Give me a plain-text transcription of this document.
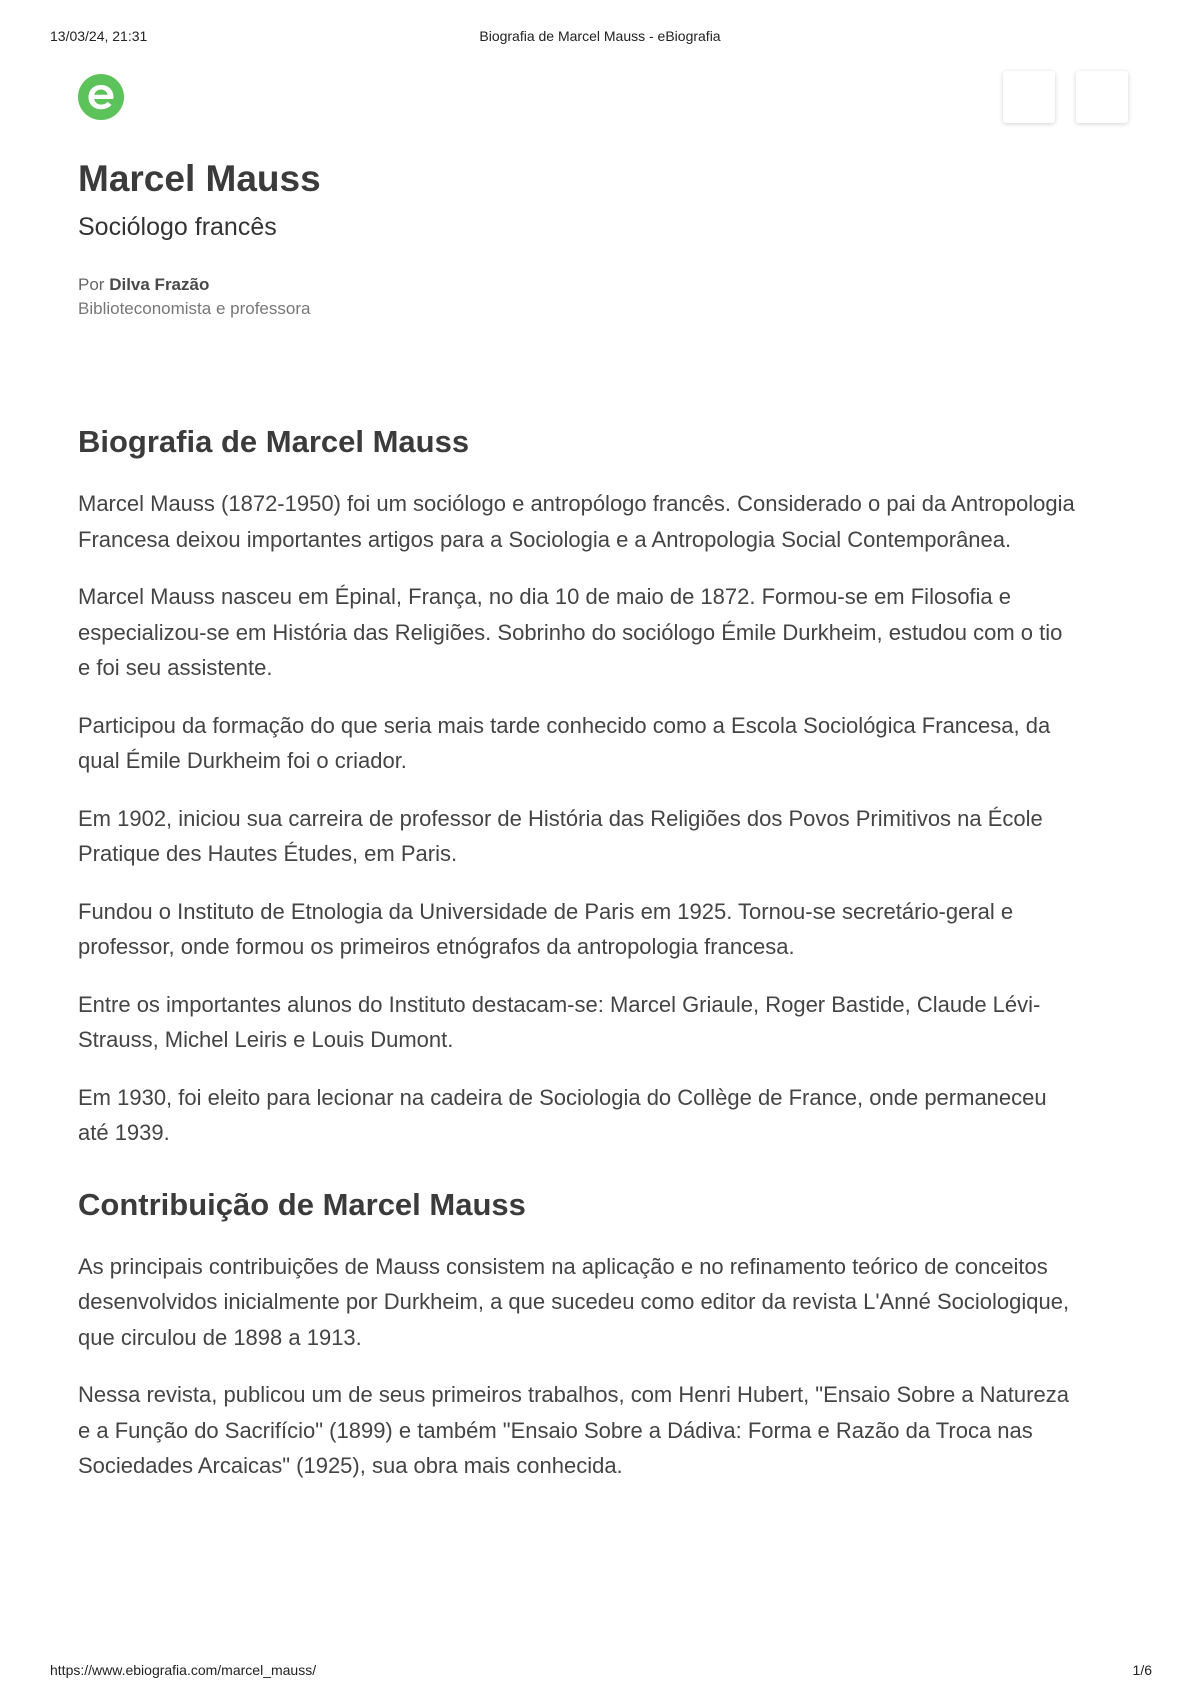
13/03/24, 21:31	Biografia de Marcel Mauss - eBiografia
Marcel Mauss
Sociólogo francês
Por Dilva Frazão
Biblioteconomista e professora
Biografia de Marcel Mauss

Marcel Mauss (1872-1950) foi um sociólogo e antropólogo francês. Considerado o pai da Antropologia Francesa deixou importantes artigos para a Sociologia e a Antropologia Social Contemporânea.

Marcel Mauss nasceu em Épinal, França, no dia 10 de maio de 1872. Formou-se em Filosofia e especializou-se em História das Religiões. Sobrinho do sociólogo Émile Durkheim, estudou com o tio e foi seu assistente.

Participou da formação do que seria mais tarde conhecido como a Escola Sociológica Francesa, da qual Émile Durkheim foi o criador.

Em 1902, iniciou sua carreira de professor de História das Religiões dos Povos Primitivos na École Pratique des Hautes Études, em Paris.

Fundou o Instituto de Etnologia da Universidade de Paris em 1925. Tornou-se secretário-geral e professor, onde formou os primeiros etnógrafos da antropologia francesa.

Entre os importantes alunos do Instituto destacam-se: Marcel Griaule, Roger Bastide, Claude Lévi-Strauss, Michel Leiris e Louis Dumont.

Em 1930, foi eleito para lecionar na cadeira de Sociologia do Collège de France, onde permaneceu até 1939.

Contribuição de Marcel Mauss

As principais contribuições de Mauss consistem na aplicação e no refinamento teórico de conceitos desenvolvidos inicialmente por Durkheim, a que sucedeu como editor da revista L'Anné Sociologique, que circulou de 1898 a 1913.

Nessa revista, publicou um de seus primeiros trabalhos, com Henri Hubert, "Ensaio Sobre a Natureza e a Função do Sacrifício" (1899) e também "Ensaio Sobre a Dádiva: Forma e Razão da Troca nas Sociedades Arcaicas" (1925), sua obra mais conhecida.

https://www.ebiografia.com/marcel_mauss/	1/6
